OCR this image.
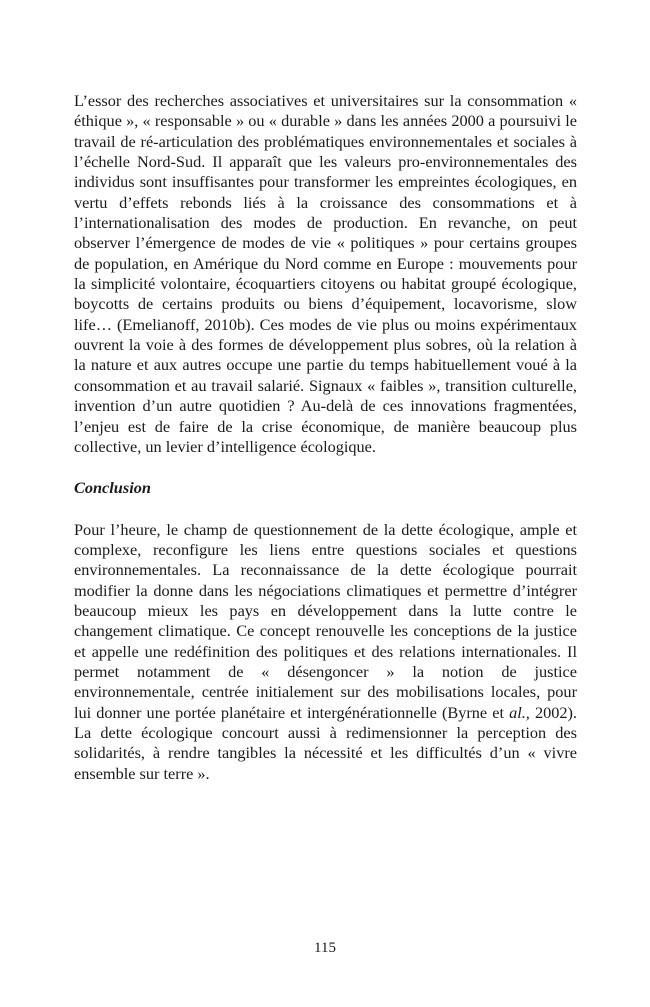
L’essor des recherches associatives et universitaires sur la consommation « éthique », « responsable » ou « durable » dans les années 2000 a poursuivi le travail de ré-articulation des problématiques environnementales et sociales à l’échelle Nord-Sud. Il apparaît que les valeurs pro-environnementales des individus sont insuffisantes pour transformer les empreintes écologiques, en vertu d’effets rebonds liés à la croissance des consommations et à l’internationalisation des modes de production. En revanche, on peut observer l’émergence de modes de vie « politiques » pour certains groupes de population, en Amérique du Nord comme en Europe : mouvements pour la simplicité volontaire, écoquartiers citoyens ou habitat groupé écologique, boycotts de certains produits ou biens d’équipement, locavorisme, slow life… (Emelianoff, 2010b). Ces modes de vie plus ou moins expérimentaux ouvrent la voie à des formes de développement plus sobres, où la relation à la nature et aux autres occupe une partie du temps habituellement voué à la consommation et au travail salarié. Signaux « faibles », transition culturelle, invention d’un autre quotidien ? Au-delà de ces innovations fragmentées, l’enjeu est de faire de la crise économique, de manière beaucoup plus collective, un levier d’intelligence écologique.

Conclusion

Pour l’heure, le champ de questionnement de la dette écologique, ample et complexe, reconfigure les liens entre questions sociales et questions environnementales. La reconnaissance de la dette écologique pourrait modifier la donne dans les négociations climatiques et permettre d’intégrer beaucoup mieux les pays en développement dans la lutte contre le changement climatique. Ce concept renouvelle les conceptions de la justice et appelle une redéfinition des politiques et des relations internationales. Il permet notamment de « désengoncer » la notion de justice environnementale, centrée initialement sur des mobilisations locales, pour lui donner une portée planétaire et intergénérationnelle (Byrne et al., 2002). La dette écologique concourt aussi à redimensionner la perception des solidarités, à rendre tangibles la nécessité et les difficultés d’un « vivre ensemble sur terre ».

115
